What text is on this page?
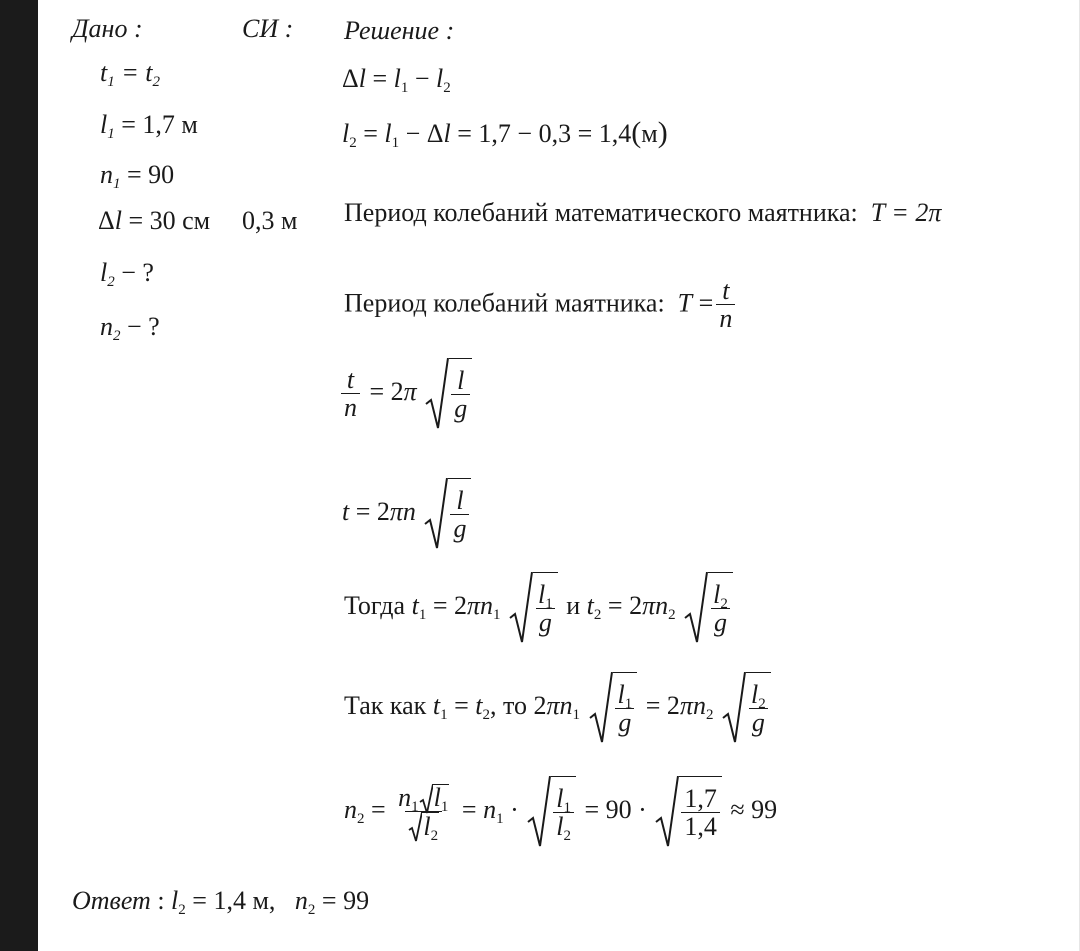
Дано :
$t_1 = t_2$
$l_1 = 1,7$ м
$n_1 = 90$
Δl = 30 см
$l_2$ − ?
$n_2$ − ?
СИ :
0,3 м
Решение :
$\Delta l = l_1 - l_2$
$l_2 = l_1 - \Delta l = 1,7 - 0,3 = 1,4(м)$
Период колебаний математического маятника: T = 2π
Период колебаний маятника: $T = \frac{t}{n}$
$\frac{t}{n} = 2\pi \frac{l}{g}$
$t = 2\pi n \frac{l}{g}$
Тогда $t_1 = 2\pi n_1 \frac{l_1}{g}$ и $t_2 = 2\pi n_2 \frac{l_2}{g}$
Так как $t_1 = t_2$, то $2\pi n_1 \frac{l_1}{g} = 2\pi n_2 \frac{l_2}{g}$
$n_2 = \frac{n_1 l_1}{l_2} = n_1 \cdot \frac{l_1}{l_2} = 90 \cdot \frac{1,7}{1,4} \approx 99$
Ответ : $l_2 = 1,4$ м,   $n_2 = 99$
